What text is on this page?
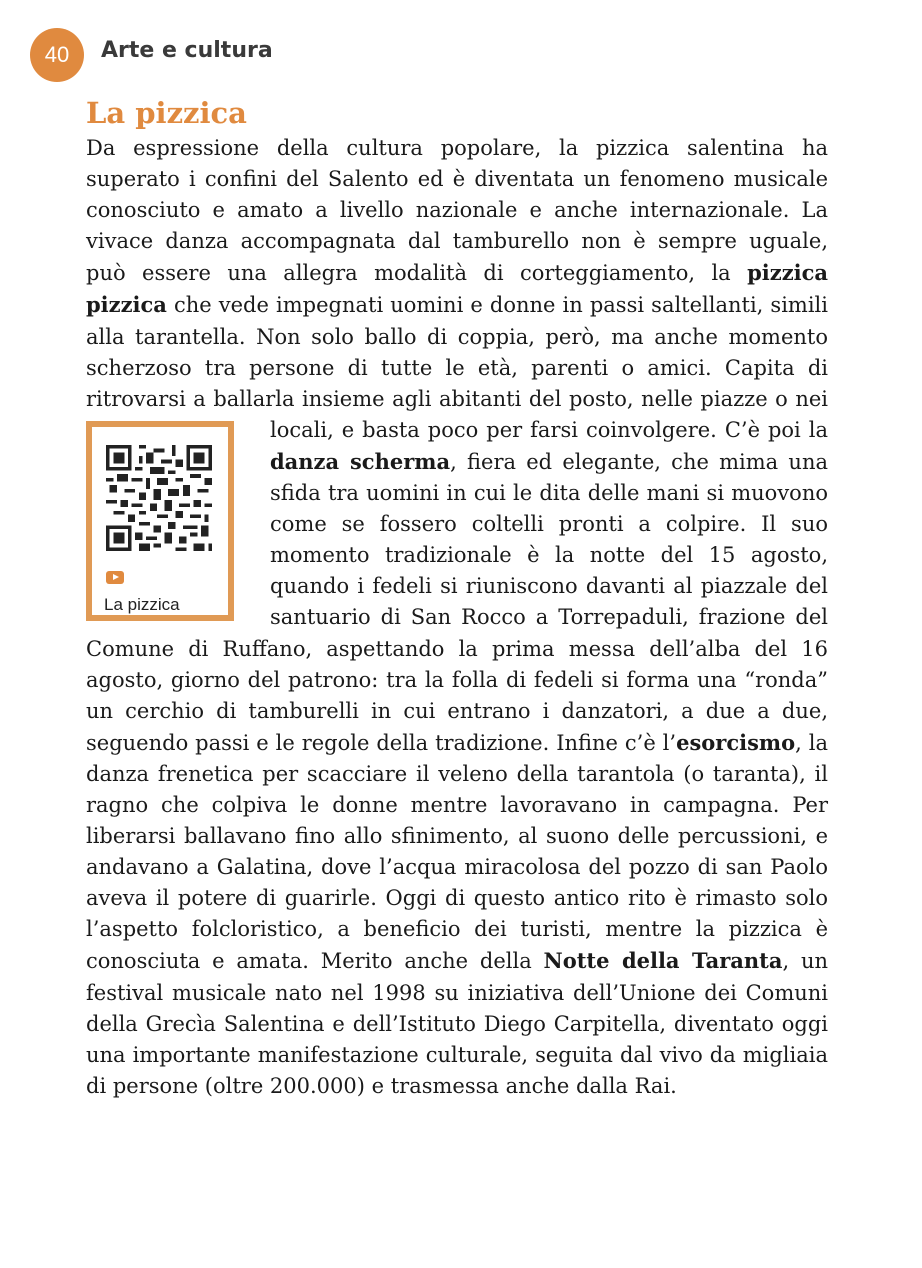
40	Arte e cultura
La pizzica

Da espressione della cultura popolare, la pizzica salentina ha superato i confini del Salento ed è diventata un fenomeno musicale conosciuto e amato a livello nazionale e anche internazionale. La vivace danza accompagnata dal tamburello non è sempre uguale, può essere una allegra modalità di corteggiamento, la pizzica pizzica che vede impegnati uomini e donne in passi saltellanti, simili alla tarantella. Non solo ballo di coppia, però, ma anche momento scherzoso tra persone di tutte le età, parenti o amici. Capita di ritrovarsi a ballarla insieme agli abitanti del posto, nelle piazze o nei locali, e basta poco per farsi coinvolgere. C’è poi la
La pizzica
danza scherma, fiera ed elegante, che mima una sfida tra uomini in cui le dita delle mani si muovono come se fossero coltelli pronti a colpire. Il suo momento tradizionale è la notte del 15 agosto, quando i fedeli si riuniscono davanti al piazzale del santuario di San Rocco a Torrepaduli, frazione del Comune di Ruffano, aspettando la prima messa dell’alba del 16 agosto, giorno del patrono: tra la folla di fedeli si forma una “ronda” un cerchio di tamburelli in cui entrano i danzatori, a due a due, seguendo passi e le regole della tradizione. Infine c’è l’esorcismo, la danza frenetica per scacciare il veleno della tarantola (o taranta), il ragno che colpiva le donne mentre lavoravano in campagna. Per liberarsi ballavano fino allo sfinimento, al suono delle percussioni, e andavano a Galatina, dove l’acqua miracolosa del pozzo di san Paolo aveva il potere di guarirle. Oggi di questo antico rito è rimasto solo l’aspetto folcloristico, a beneficio dei turisti, mentre la pizzica è conosciuta e amata. Merito anche della Notte della Taranta, un festival musicale nato nel 1998 su iniziativa dell’Unione dei Comuni della Grecìa Salentina e dell’Istituto Diego Carpitella, diventato oggi una importante manifestazione culturale, seguita dal vivo da migliaia di persone (oltre 200.000) e trasmessa anche dalla Rai.
